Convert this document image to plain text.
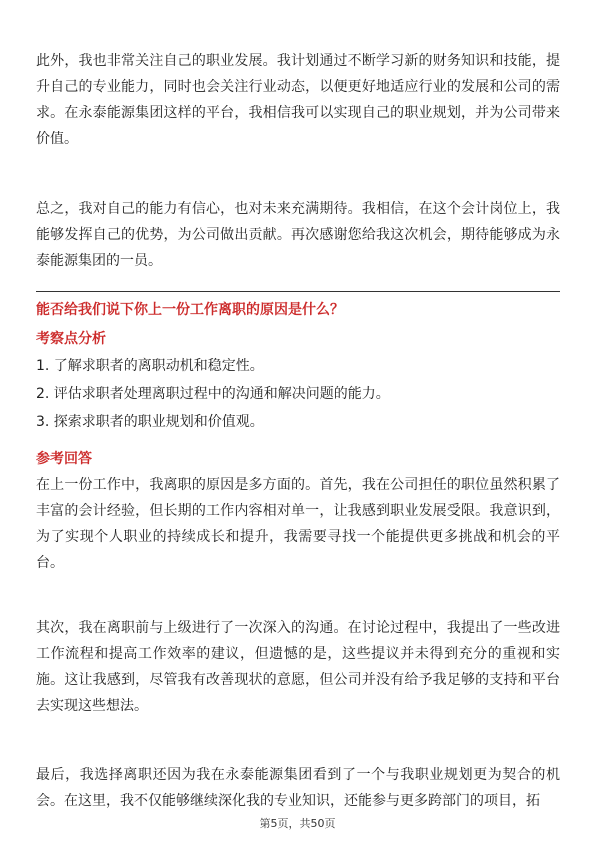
此外，我也非常关注自己的职业发展。我计划通过不断学习新的财务知识和技能，提升自己的专业能力，同时也会关注行业动态，以便更好地适应行业的发展和公司的需求。在永泰能源集团这样的平台，我相信我可以实现自己的职业规划，并为公司带来价值。

总之，我对自己的能力有信心，也对未来充满期待。我相信，在这个会计岗位上，我能够发挥自己的优势，为公司做出贡献。再次感谢您给我这次机会，期待能够成为永泰能源集团的一员。

能否给我们说下你上一份工作离职的原因是什么？

考察点分析

1. 了解求职者的离职动机和稳定性。

2. 评估求职者处理离职过程中的沟通和解决问题的能力。

3. 探索求职者的职业规划和价值观。

参考回答

在上一份工作中，我离职的原因是多方面的。首先，我在公司担任的职位虽然积累了丰富的会计经验，但长期的工作内容相对单一，让我感到职业发展受限。我意识到，为了实现个人职业的持续成长和提升，我需要寻找一个能提供更多挑战和机会的平台。

其次，我在离职前与上级进行了一次深入的沟通。在讨论过程中，我提出了一些改进工作流程和提高工作效率的建议，但遗憾的是，这些提议并未得到充分的重视和实施。这让我感到，尽管我有改善现状的意愿，但公司并没有给予我足够的支持和平台去实现这些想法。

最后，我选择离职还因为我在永泰能源集团看到了一个与我职业规划更为契合的机会。在这里，我不仅能够继续深化我的专业知识，还能参与更多跨部门的项目，拓

第5页，共50页
